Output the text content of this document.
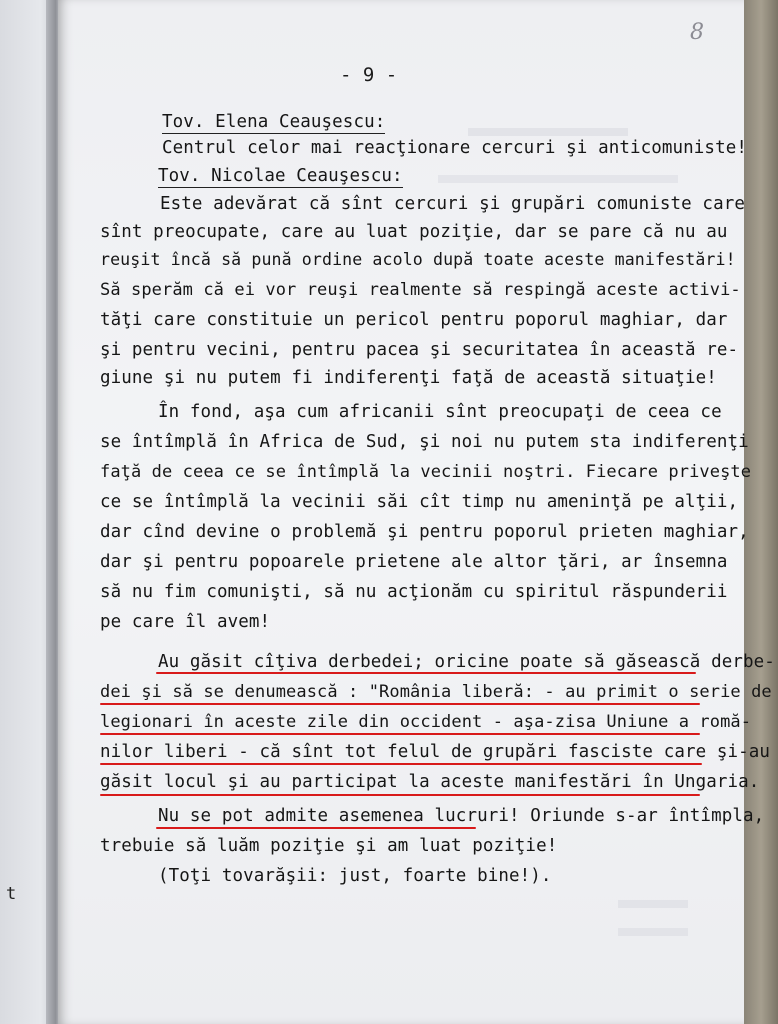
t
8
- 9 -
Tov. Elena Ceauşescu:
Centrul celor mai reacţionare cercuri şi anticomuniste!
Tov. Nicolae Ceauşescu:
Este adevărat că sînt cercuri şi grupări comuniste care
sînt preocupate, care au luat poziţie, dar se pare că nu au
reuşit încă să pună ordine acolo după toate aceste manifestări!
Să sperăm că ei vor reuşi realmente să respingă aceste activi-
tăţi care constituie un pericol pentru poporul maghiar, dar
şi pentru vecini, pentru pacea şi securitatea în această re-
giune şi nu putem fi indiferenţi faţă de această situaţie!
În fond, aşa cum africanii sînt preocupaţi de ceea ce
se întîmplă în Africa de Sud, şi noi nu putem sta indiferenţi
faţă de ceea ce se întîmplă la vecinii noştri. Fiecare priveşte
ce se întîmplă la vecinii săi cît timp nu ameninţă pe alţii,
dar cînd devine o problemă şi pentru poporul prieten maghiar,
dar şi pentru popoarele prietene ale altor ţări, ar însemna
să nu fim comunişti, să nu acţionăm cu spiritul răspunderii
pe care îl avem!
Au găsit cîţiva derbedei; oricine poate să găsească derbe-
dei şi să se denumească : "România liberă: - au primit o serie de
legionari în aceste zile din occident - aşa-zisa Uniune a romă-
nilor liberi - că sînt tot felul de grupări fasciste care şi-au
găsit locul şi au participat la aceste manifestări în Ungaria.
Nu se pot admite asemenea lucruri! Oriunde s-ar întîmpla,
trebuie să luăm poziţie şi am luat poziţie!
(Toţi tovarăşii: just, foarte bine!).
